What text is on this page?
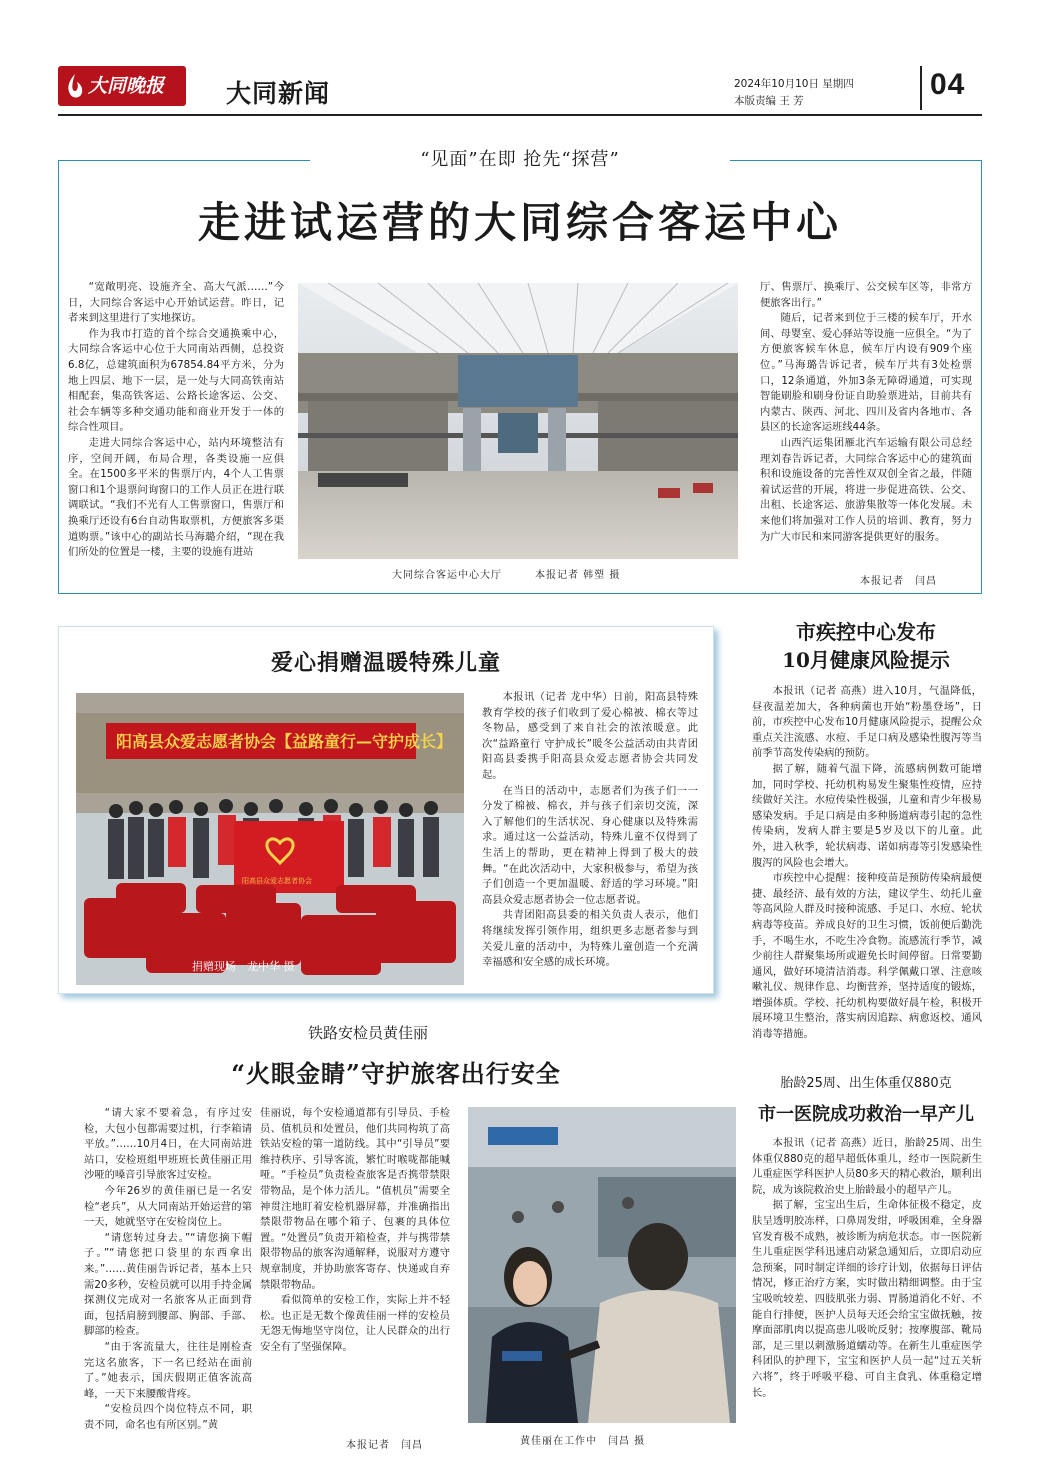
大同晚报	大同新闻	2024年10月10日 星期四
本版责编 王 芳	04
“见面”在即 抢先“探营”
走进试运营的大同综合客运中心

“宽敞明亮、设施齐全、高大气派……”今日，大同综合客运中心开始试运营。昨日，记者来到这里进行了实地探访。

作为我市打造的首个综合交通换乘中心，大同综合客运中心位于大同南站西侧，总投资6.8亿，总建筑面积为67854.84平方米，分为地上四层、地下一层，是一处与大同高铁南站相配套，集高铁客运、公路长途客运、公交、社会车辆等多种交通功能和商业开发于一体的综合性项目。

走进大同综合客运中心，站内环境整洁有序，空间开阔，布局合理，各类设施一应俱全。在1500多平米的售票厅内，4个人工售票窗口和1个退票问询窗口的工作人员正在进行联调联试。“我们不光有人工售票窗口，售票厅和换乘厅还设有6台自动售取票机，方便旅客多渠道购票。”该中心的副站长马海璐介绍，“现在我们所处的位置是一楼，主要的设施有进站

大同综合客运中心大厅　　　本报记者 韩塑 摄

厅、售票厅、换乘厅、公交候车区等，非常方便旅客出行。”

随后，记者来到位于三楼的候车厅，开水间、母婴室、爱心驿站等设施一应俱全。“为了方便旅客候车休息，候车厅内设有909个座位。”马海璐告诉记者，候车厅共有3处检票口，12条通道，外加3条无障碍通道，可实现智能刷脸和刷身份证自助验票进站，目前共有内蒙古、陕西、河北、四川及省内各地市、各县区的长途客运班线44条。

山西汽运集团雁北汽车运输有限公司总经理刘春告诉记者，大同综合客运中心的建筑面积和设施设备的完善性双双创全省之最，伴随着试运营的开展，将进一步促进高铁、公交、出租、长途客运、旅游集散等一体化发展。未来他们将加强对工作人员的培训、教育，努力为广大市民和来同游客提供更好的服务。

本报记者　闫昌
爱心捐赠温暖特殊儿童
阳高县众爱志愿者协会【益路童行—守护成长】
阳高县众爱志愿者协会
捐赠现场　龙中华 摄

本报讯（记者 龙中华）日前，阳高县特殊教育学校的孩子们收到了爱心棉被、棉衣等过冬物品，感受到了来自社会的浓浓暖意。此次“益路童行 守护成长”暖冬公益活动由共青团阳高县委携手阳高县众爱志愿者协会共同发起。

在当日的活动中，志愿者们为孩子们一一分发了棉被、棉衣，并与孩子们亲切交流，深入了解他们的生活状况、身心健康以及特殊需求。通过这一公益活动，特殊儿童不仅得到了生活上的帮助，更在精神上得到了极大的鼓舞。“在此次活动中，大家积极参与，希望为孩子们创造一个更加温暖、舒适的学习环境。”阳高县众爱志愿者协会一位志愿者说。

共青团阳高县委的相关负责人表示，他们将继续发挥引领作用，组织更多志愿者参与到关爱儿童的活动中，为特殊儿童创造一个充满幸福感和安全感的成长环境。

市疾控中心发布
10月健康风险提示

本报讯（记者 高燕）进入10月，气温降低，昼夜温差加大，各种病菌也开始“粉墨登场”，日前，市疾控中心发布10月健康风险提示，提醒公众重点关注流感、水痘、手足口病及感染性腹泻等当前季节高发传染病的预防。

据了解，随着气温下降，流感病例数可能增加，同时学校、托幼机构易发生聚集性疫情，应持续做好关注。水痘传染性极强，儿童和青少年极易感染发病。手足口病是由多种肠道病毒引起的急性传染病，发病人群主要是5岁及以下的儿童。此外，进入秋季，轮状病毒、诺如病毒等引发感染性腹泻的风险也会增大。

市疾控中心提醒：接种疫苗是预防传染病最便捷、最经济、最有效的方法，建议学生、幼托儿童等高风险人群及时接种流感、手足口、水痘、轮状病毒等疫苗。养成良好的卫生习惯，饭前便后勤洗手，不喝生水，不吃生冷食物。流感流行季节，减少前往人群聚集场所或避免长时间停留。日常要勤通风，做好环境清洁消毒。科学佩戴口罩、注意咳嗽礼仪、规律作息、均衡营养，坚持适度的锻炼，增强体质。学校、托幼机构要做好晨午检，积极开展环境卫生整治，落实病因追踪、病愈返校、通风消毒等措施。

铁路安检员黄佳丽
“火眼金睛”守护旅客出行安全

“请大家不要着急，有序过安检，大包小包都需要过机，行李箱请平放。”……10月4日，在大同南站进站口，安检班组甲班班长黄佳丽正用沙哑的嗓音引导旅客过安检。

今年26岁的黄佳丽已是一名安检“老兵”，从大同南站开始运营的第一天，她就坚守在安检岗位上。

“请您转过身去。”“请您摘下帽子。”“请您把口袋里的东西拿出来。”……黄佳丽告诉记者，基本上只需20多秒，安检员就可以用手持金属探测仪完成对一名旅客从正面到背面，包括肩膀到腰部、胸部、手部、脚部的检查。

“由于客流量大，往往是刚检查完这名旅客，下一名已经站在面前了。”她表示，国庆假期正值客流高峰，一天下来腰酸背疼。

“安检员四个岗位特点不同，职责不同，命名也有所区别。”黄

佳丽说，每个安检通道都有引导员、手检员、值机员和处置员，他们共同构筑了高铁站安检的第一道防线。其中“引导员”要维持秩序、引导客流，繁忙时喉咙都能喊哑。“手检员”负责检查旅客是否携带禁限带物品，是个体力活儿。“值机员”需要全神贯注地盯着安检机器屏幕，并准确指出禁限带物品在哪个箱子、包裹的具体位置。“处置员”负责开箱检查，并与携带禁限带物品的旅客沟通解释，说服对方遵守规章制度，并协助旅客寄存、快递或自弃禁限带物品。

看似简单的安检工作，实际上并不轻松。也正是无数个像黄佳丽一样的安检员无怨无悔地坚守岗位，让人民群众的出行安全有了坚强保障。

本报记者　闫昌	黄佳丽在工作中　闫昌 摄
胎龄25周、出生体重仅880克
市一医院成功救治一早产儿

本报讯（记者 高燕）近日，胎龄25周、出生体重仅880克的超早超低体重儿，经市一医院新生儿重症医学科医护人员80多天的精心救治，顺利出院，成为该院救治史上胎龄最小的超早产儿。

据了解，宝宝出生后，生命体征极不稳定，皮肤呈透明胶冻样，口鼻周发绀，呼吸困难，全身器官发育极不成熟，被诊断为病危状态。市一医院新生儿重症医学科迅速启动紧急通知后，立即启动应急预案，同时制定详细的诊疗计划，依据每日评估情况，修正治疗方案，实时做出精细调整。由于宝宝吸吮较差、四肢肌张力弱、胃肠道消化不好、不能自行排便，医护人员每天还会给宝宝做抚触，按摩面部肌肉以提高患儿吸吮反射；按摩腹部、靴局部，足三里以刺激肠道蠕动等。在新生儿重症医学科团队的护理下，宝宝和医护人员一起“过五关斩六将”，终于呼吸平稳、可自主食乳、体重稳定增长。
